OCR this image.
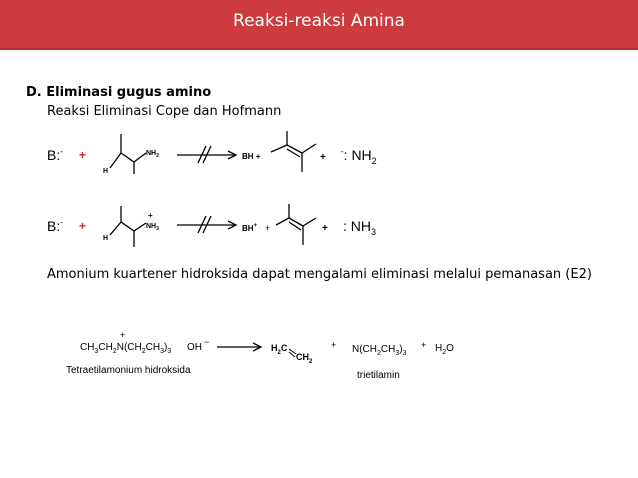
Reaksi-reaksi Amina
D. Eliminasi gugus amino
Reaksi Eliminasi Cope dan Hofmann
B:- +
H
$NH_2$	BH +	+
-: $NH_2$
B:- +
H
+
$NH_3$	BH+ +	+ : $NH_3$
Amonium kuartener hidroksida dapat mengalami eliminasi melalui pemanasan (E2)
+
$CH_3CH_2N(CH_2CH_3)_3$ OH −
Tetraetilamonium hidroksida
$H_2C$
$CH_2$
+ $N(CH_2CH_3)_3$
+ $H_2O$
trietilamin
